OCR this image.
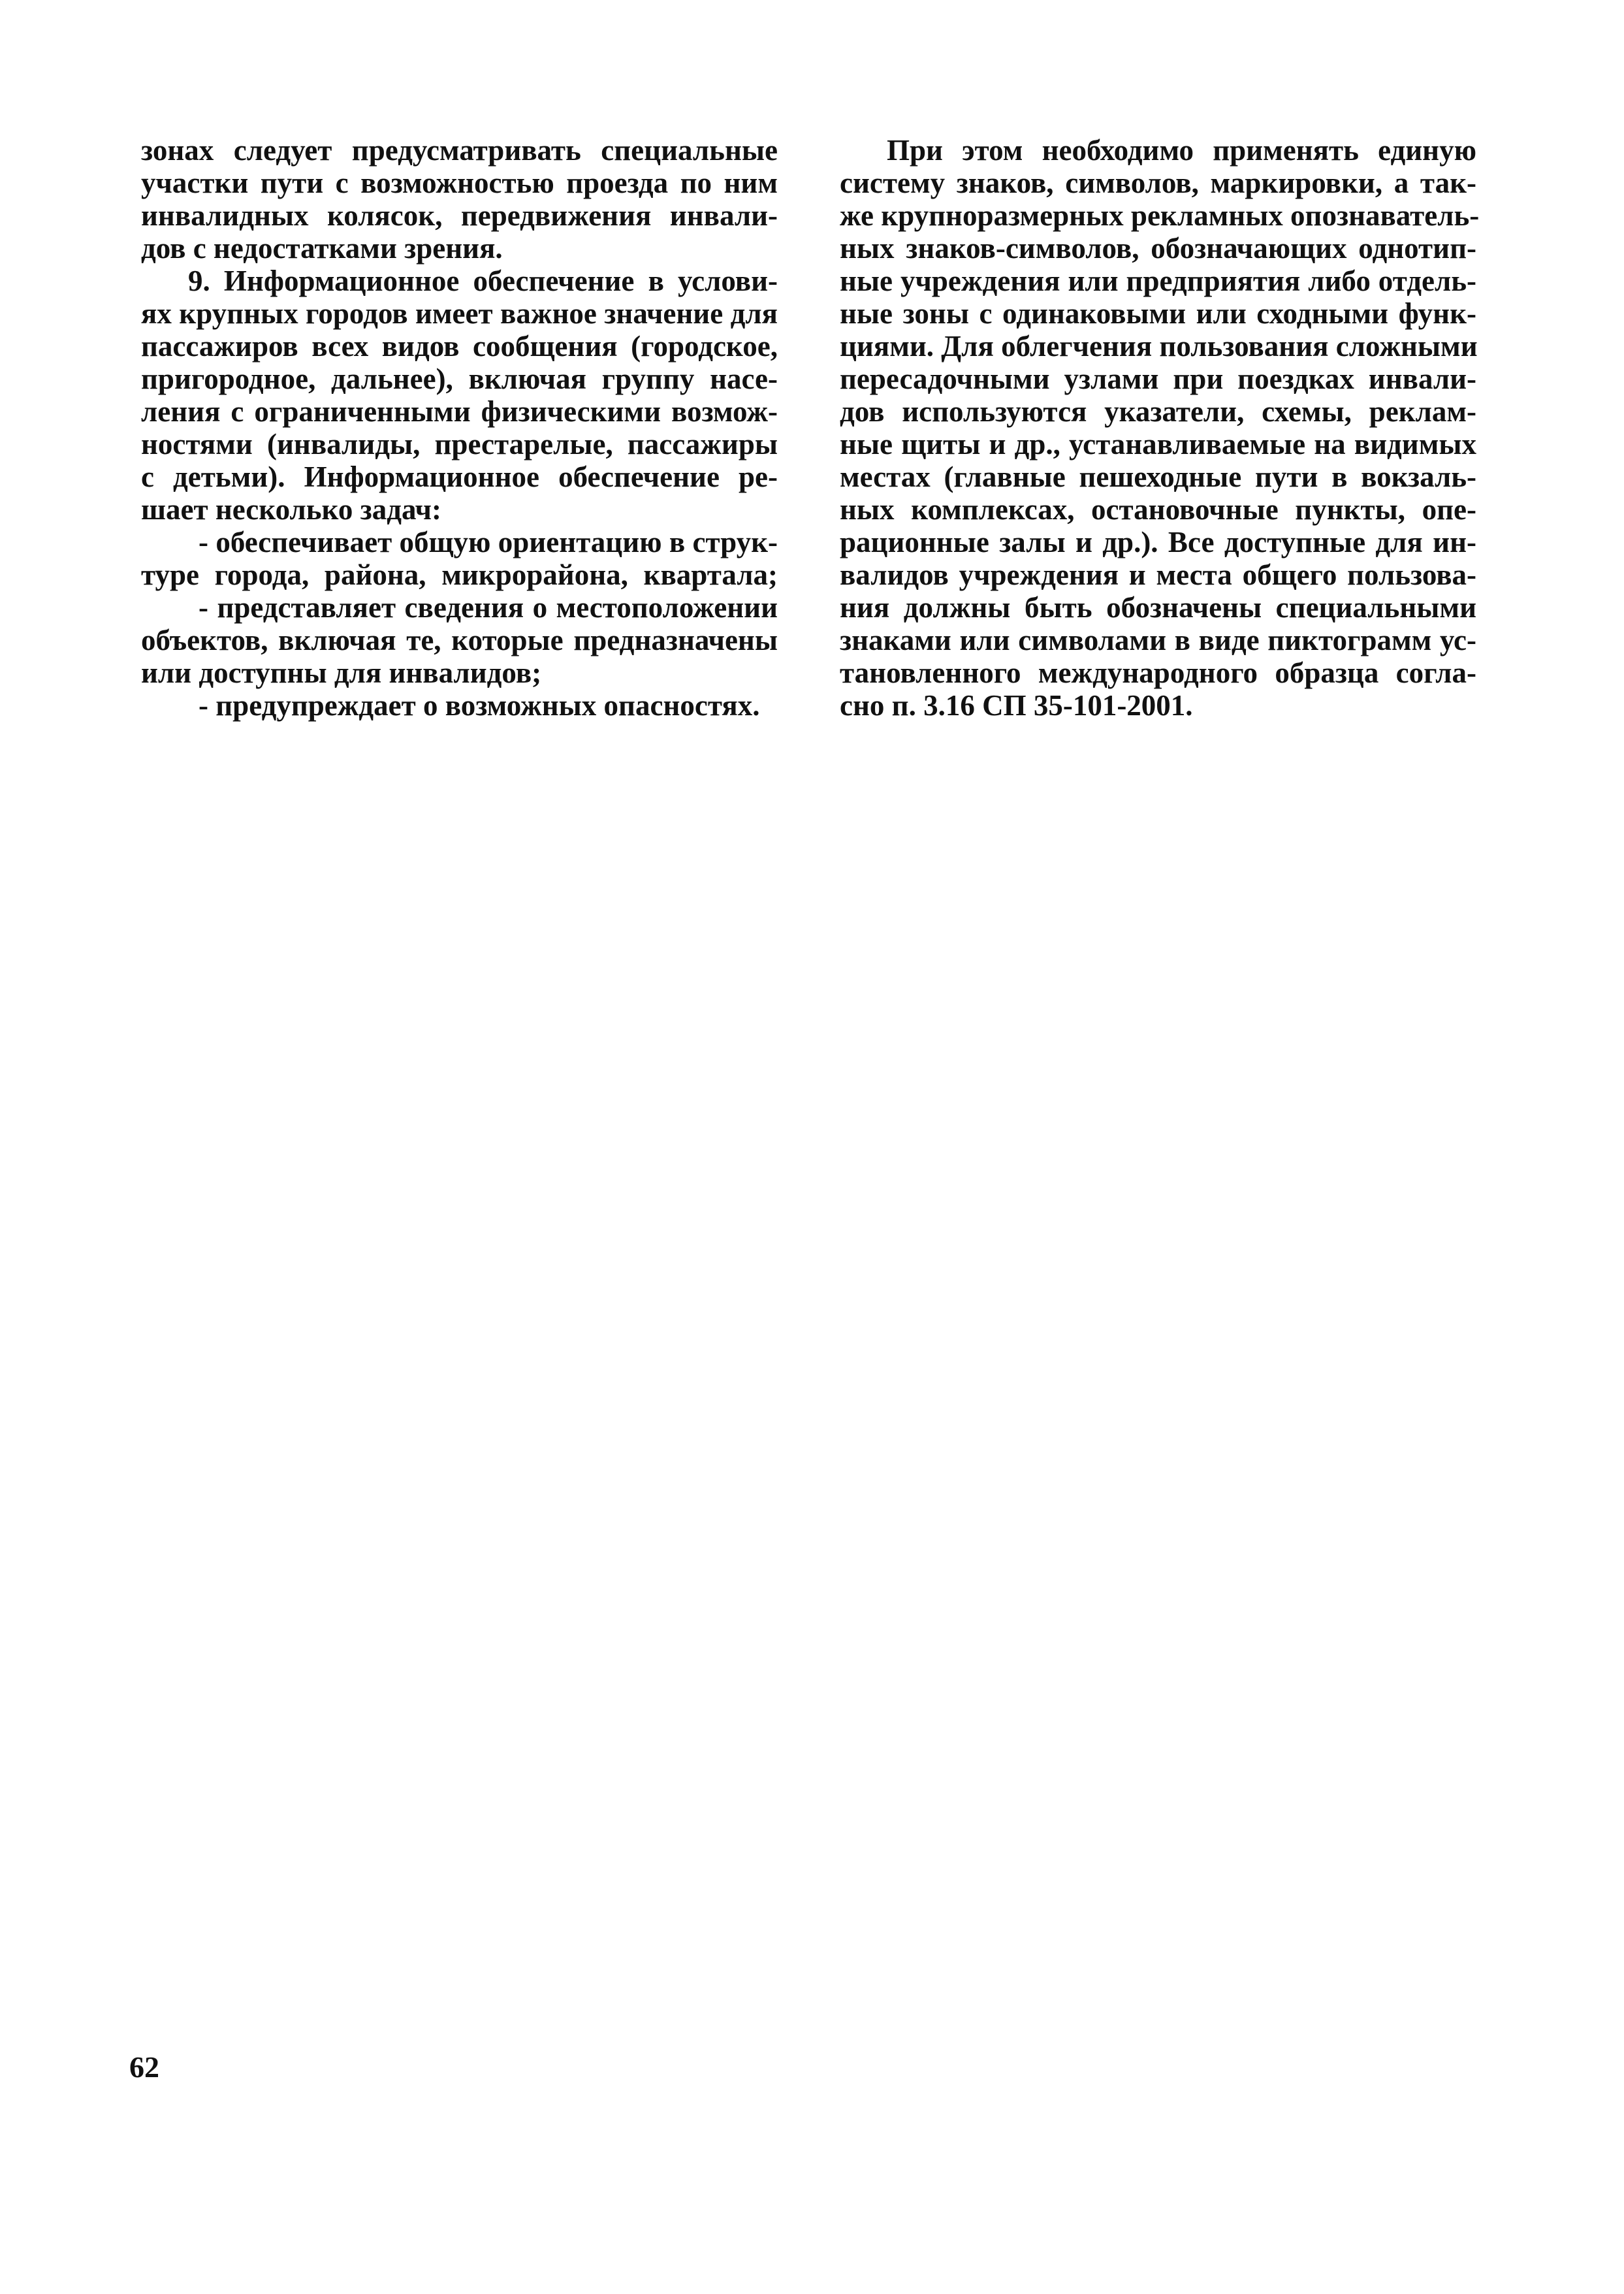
зонах следует предусматривать специальные
участки пути с возможностью проезда по ним
инвалидных колясок, передвижения инвали-
дов с недостатками зрения.
9. Информационное обеспечение в услови-
ях крупных городов имеет важное значение для
пассажиров всех видов сообщения (городское,
пригородное, дальнее), включая группу насе-
ления с ограниченными физическими возмож-
ностями (инвалиды, престарелые, пассажиры
с детьми). Информационное обеспечение ре-
шает несколько задач:
- обеспечивает общую ориентацию в струк-
туре города, района, микрорайона, квартала;
- представляет сведения о местоположении
объектов, включая те, которые предназначены
или доступны для инвалидов;
- предупреждает о возможных опасностях.
При этом необходимо применять единую
систему знаков, символов, маркировки, а так-
же крупноразмерных рекламных опознаватель-
ных знаков-символов, обозначающих однотип-
ные учреждения или предприятия либо отдель-
ные зоны с одинаковыми или сходными функ-
циями. Для облегчения пользования сложными
пересадочными узлами при поездках инвали-
дов используются указатели, схемы, реклам-
ные щиты и др., устанавливаемые на видимых
местах (главные пешеходные пути в вокзаль-
ных комплексах, остановочные пункты, опе-
рационные залы и др.). Все доступные для ин-
валидов учреждения и места общего пользова-
ния должны быть обозначены специальными
знаками или символами в виде пиктограмм ус-
тановленного международного образца согла-
сно п. 3.16 СП 35-101-2001.
62
